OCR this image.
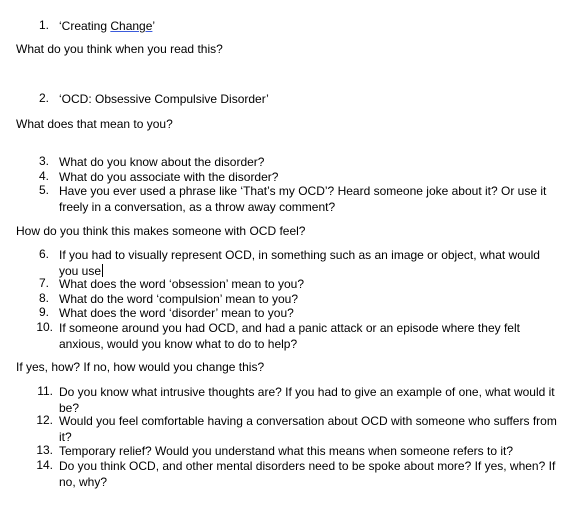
1. ‘Creating Change’
What do you think when you read this?
2. ‘OCD: Obsessive Compulsive Disorder’
What does that mean to you?
3. What do you know about the disorder?
4. What do you associate with the disorder?
5. Have you ever used a phrase like ‘That’s my OCD’? Heard someone joke about it? Or use it freely in a conversation, as a throw away comment?
How do you think this makes someone with OCD feel?
6. If you had to visually represent OCD, in something such as an image or object, what would you use
7. What does the word ‘obsession’ mean to you?
8. What do the word ‘compulsion’ mean to you?
9. What does the word ‘disorder’ mean to you?
10. If someone around you had OCD, and had a panic attack or an episode where they felt anxious, would you know what to do to help?
If yes, how? If no, how would you change this?
11. Do you know what intrusive thoughts are? If you had to give an example of one, what would it be?
12. Would you feel comfortable having a conversation about OCD with someone who suffers from it?
13. Temporary relief? Would you understand what this means when someone refers to it?
14. Do you think OCD, and other mental disorders need to be spoke about more? If yes, when? If no, why?
